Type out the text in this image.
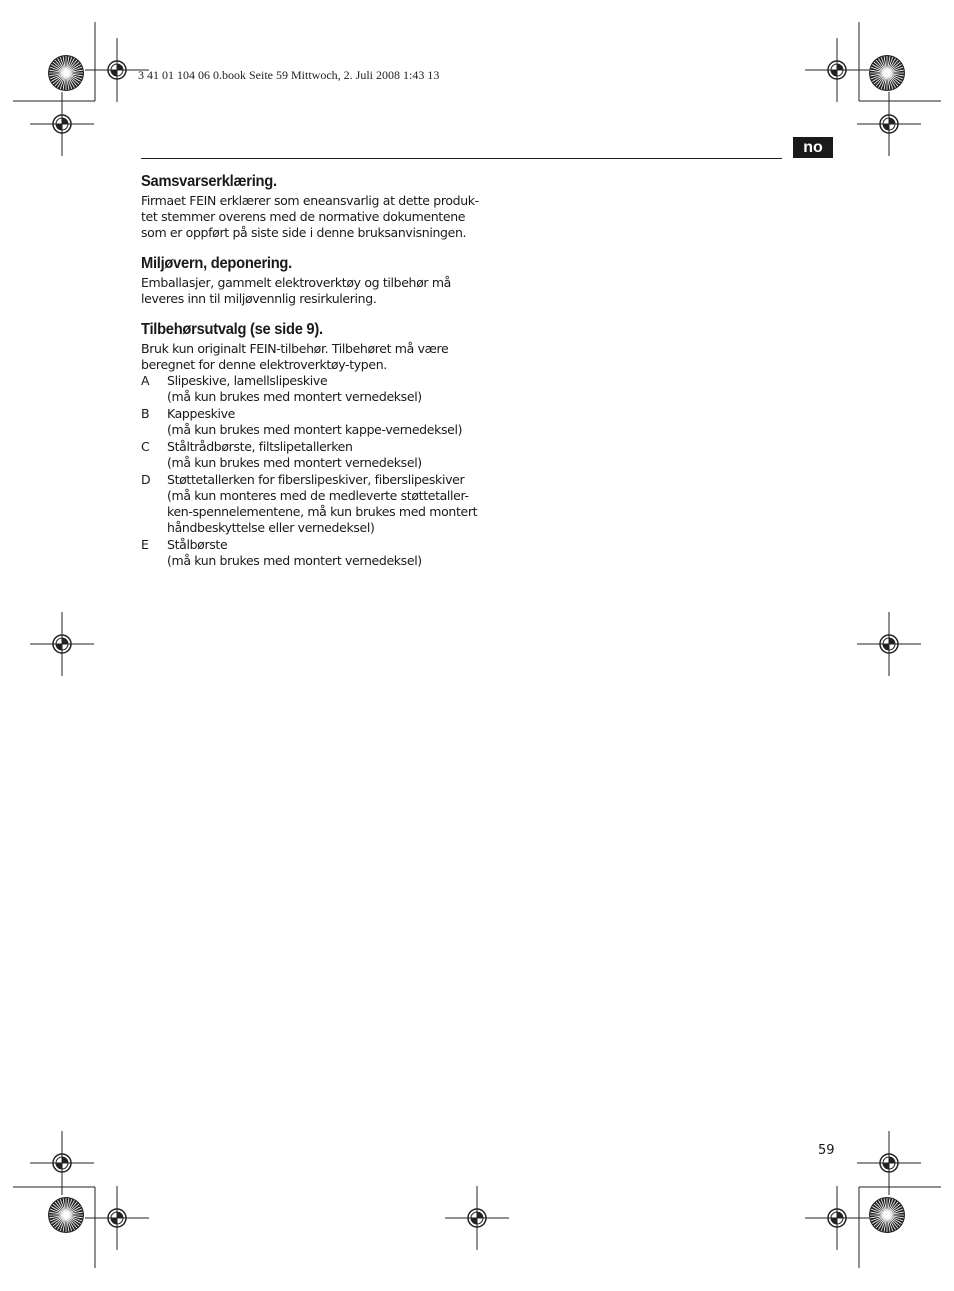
3 41 01 104 06 0.book Seite 59 Mittwoch, 2. Juli 2008 1:43 13
no
Samsvarserklæring.

Firmaet FEIN erklærer som eneansvarlig at dette produk-
tet stemmer overens med de normative dokumentene
som er oppført på siste side i denne bruksanvisningen.

Miljøvern, deponering.

Emballasjer, gammelt elektroverktøy og tilbehør må
leveres inn til miljøvennlig resirkulering.

Tilbehørsutvalg (se side 9).

Bruk kun originalt FEIN-tilbehør. Tilbehøret må være
beregnet for denne elektroverktøy-typen.

A	Slipeskive, lamellslipeskive
(må kun brukes med montert vernedeksel)
B	Kappeskive
(må kun brukes med montert kappe-vernedeksel)
C	Ståltrådbørste, filtslipetallerken
(må kun brukes med montert vernedeksel)
D	Støttetallerken for fiberslipeskiver, fiberslipeskiver
(må kun monteres med de medleverte støttetaller-
ken-spennelementene, må kun brukes med montert
håndbeskyttelse eller vernedeksel)
E	Stålbørste
(må kun brukes med montert vernedeksel)
59
